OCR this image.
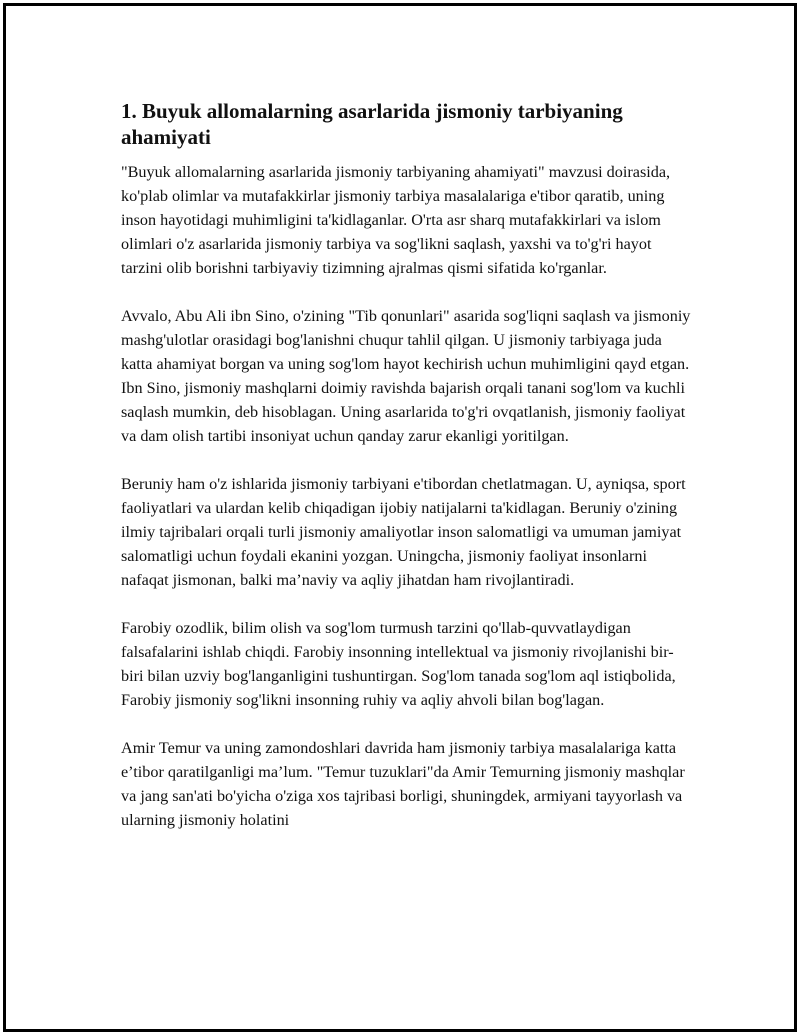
1. Buyuk allomalarning asarlarida jismoniy tarbiyaning ahamiyati

"Buyuk allomalarning asarlarida jismoniy tarbiyaning ahamiyati" mavzusi doirasida, ko'plab olimlar va mutafakkirlar jismoniy tarbiya masalalariga e'tibor qaratib, uning inson hayotidagi muhimligini ta'kidlaganlar. O'rta asr sharq mutafakkirlari va islom olimlari o'z asarlarida jismoniy tarbiya va sog'likni saqlash, yaxshi va to'g'ri hayot tarzini olib borishni tarbiyaviy tizimning ajralmas qismi sifatida ko'rganlar.

Avvalo, Abu Ali ibn Sino, o'zining "Tib qonunlari" asarida sog'liqni saqlash va jismoniy mashg'ulotlar orasidagi bog'lanishni chuqur tahlil qilgan. U jismoniy tarbiyaga juda katta ahamiyat borgan va uning sog'lom hayot kechirish uchun muhimligini qayd etgan. Ibn Sino, jismoniy mashqlarni doimiy ravishda bajarish orqali tanani sog'lom va kuchli saqlash mumkin, deb hisoblagan. Uning asarlarida to'g'ri ovqatlanish, jismoniy faoliyat va dam olish tartibi insoniyat uchun qanday zarur ekanligi yoritilgan.

Beruniy ham o'z ishlarida jismoniy tarbiyani e'tibordan chetlatmagan. U, ayniqsa, sport faoliyatlari va ulardan kelib chiqadigan ijobiy natijalarni ta'kidlagan. Beruniy o'zining ilmiy tajribalari orqali turli jismoniy amaliyotlar inson salomatligi va umuman jamiyat salomatligi uchun foydali ekanini yozgan. Uningcha, jismoniy faoliyat insonlarni nafaqat jismonan, balki ma’naviy va aqliy jihatdan ham rivojlantiradi.

Farobiy ozodlik, bilim olish va sog'lom turmush tarzini qo'llab-quvvatlaydigan falsafalarini ishlab chiqdi. Farobiy insonning intellektual va jismoniy rivojlanishi bir-biri bilan uzviy bog'langanligini tushuntirgan. Sog'lom tanada sog'lom aql istiqbolida, Farobiy jismoniy sog'likni insonning ruhiy va aqliy ahvoli bilan bog'lagan.

Amir Temur va uning zamondoshlari davrida ham jismoniy tarbiya masalalariga katta e’tibor qaratilganligi ma’lum. "Temur tuzuklari"da Amir Temurning jismoniy mashqlar va jang san'ati bo'yicha o'ziga xos tajribasi borligi, shuningdek, armiyani tayyorlash va ularning jismoniy holatini
